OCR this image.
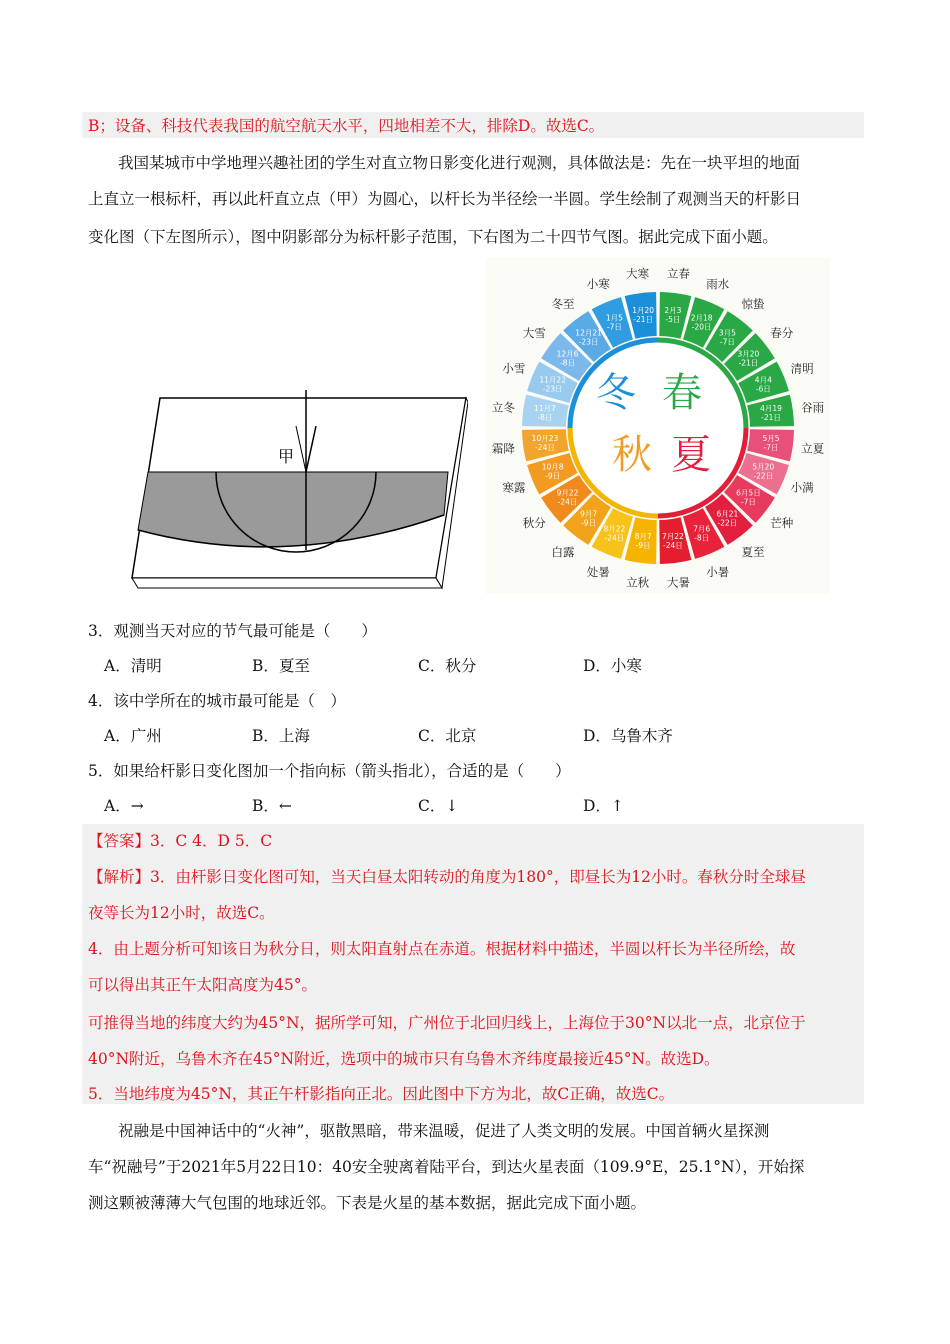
B；设备、科技代表我国的航空航天水平，四地相差不大，排除D。故选C。
我国某城市中学地理兴趣社团的学生对直立物日影变化进行观测，具体做法是：先在一块平坦的地面
上直立一根标杆，再以此杆直立点（甲）为圆心，以杆长为半径绘一半圆。学生绘制了观测当天的杆影日
变化图（下左图所示），图中阴影部分为标杆影子范围，下右图为二十四节气图。据此完成下面小题。
甲
冬 春
秋 夏
立春
2月3
-5日
雨水
2月18
-20日
惊蛰
3月5
-7日
春分
3月20
-21日	清明
4月4
-6日
谷雨
4月19
-21日
立夏
5月5
-7日
小满
5月20
-22日
芒种
6月5日
-7日
夏至
6月21
-22日
小暑
7月6
-8日
大暑
7月22
-24日
立秋
8月7
-9日
处暑
8月22
-24日
白露
9月7
-9日
秋分
9月22
-24日
寒露
10月8
-9日
霜降
10月23
-24日
立冬	11月7
-8日
小雪
11月22
-23日
大雪
12月6
-8日
冬至
12月21
-23日
小寒
1月5
-7日
大寒
1月20
-21日
3．观测当天对应的节气最可能是（　　）
A．清明	B．夏至	C．秋分	D．小寒
4．该中学所在的城市最可能是（　）
A．广州	B．上海	C．北京	D．乌鲁木齐
5．如果给杆影日变化图加一个指向标（箭头指北），合适的是（　　）
A．→	B．←	C．↓	D．↑
【答案】3．C 4．D 5．C
【解析】3．由杆影日变化图可知，当天白昼太阳转动的角度为180°，即昼长为12小时。春秋分时全球昼
夜等长为12小时，故选C。
4．由上题分析可知该日为秋分日，则太阳直射点在赤道。根据材料中描述，半圆以杆长为半径所绘，故
可以得出其正午太阳高度为45°。
可推得当地的纬度大约为45°N，据所学可知，广州位于北回归线上，上海位于30°N以北一点，北京位于
40°N附近，乌鲁木齐在45°N附近，选项中的城市只有乌鲁木齐纬度最接近45°N。故选D。
5．当地纬度为45°N，其正午杆影指向正北。因此图中下方为北，故C正确，故选C。
祝融是中国神话中的“火神”，驱散黑暗，带来温暖，促进了人类文明的发展。中国首辆火星探测
车“祝融号”于2021年5月22日10：40安全驶离着陆平台，到达火星表面（109.9°E，25.1°N），开始探
测这颗被薄薄大气包围的地球近邻。下表是火星的基本数据，据此完成下面小题。
